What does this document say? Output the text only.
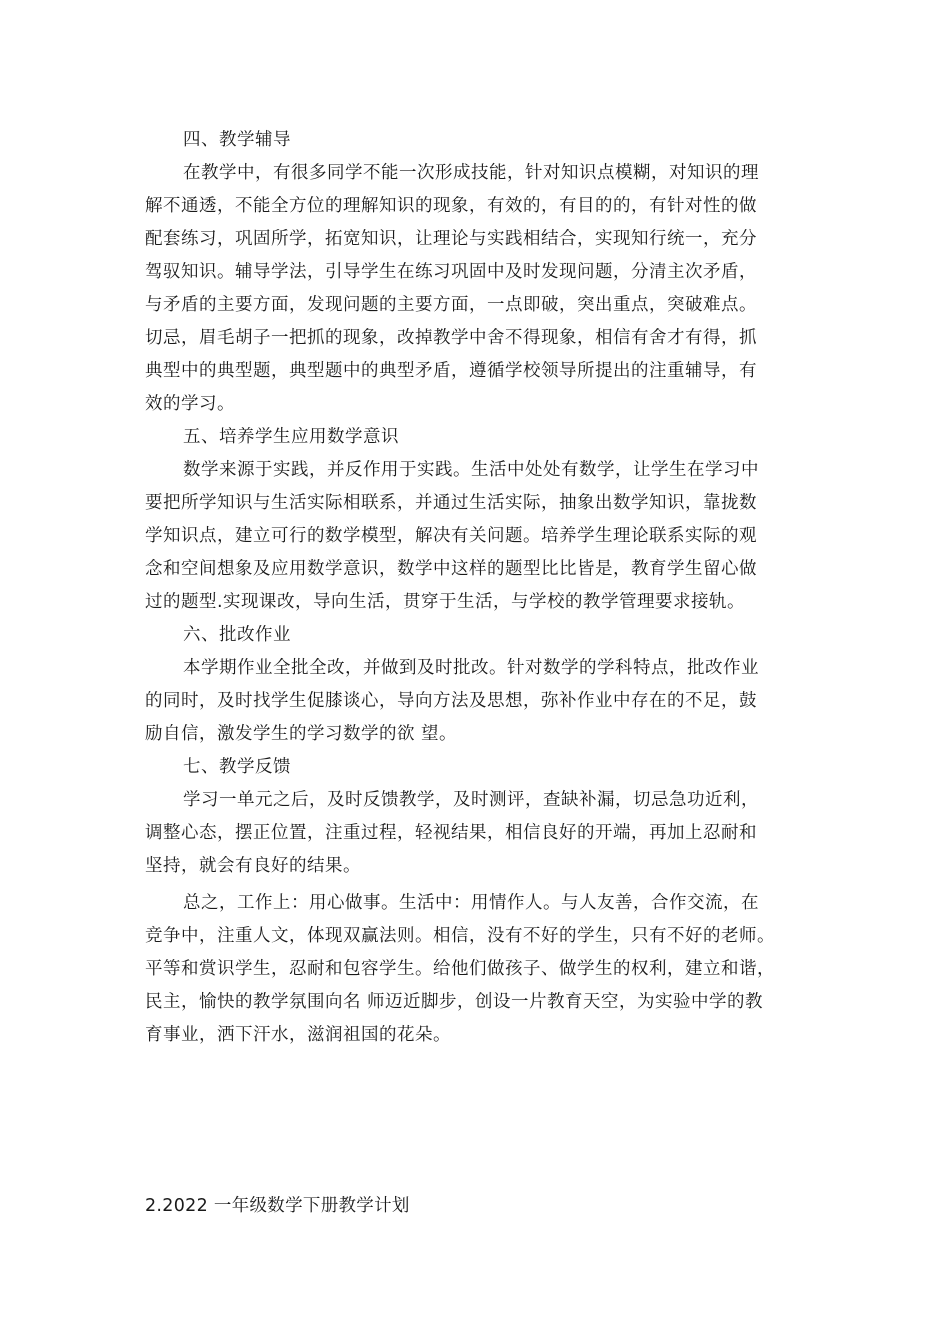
四、教学辅导

在教学中，有很多同学不能一次形成技能，针对知识点模糊，对知识的理
解不通透，不能全方位的理解知识的现象，有效的，有目的的，有针对性的做
配套练习，巩固所学，拓宽知识，让理论与实践相结合，实现知行统一，充分
驾驭知识。辅导学法，引导学生在练习巩固中及时发现问题，分清主次矛盾，
与矛盾的主要方面，发现问题的主要方面，一点即破，突出重点，突破难点。
切忌，眉毛胡子一把抓的现象，改掉教学中舍不得现象，相信有舍才有得，抓
典型中的典型题，典型题中的典型矛盾，遵循学校领导所提出的注重辅导，有
效的学习。

五、培养学生应用数学意识

数学来源于实践，并反作用于实践。生活中处处有数学，让学生在学习中
要把所学知识与生活实际相联系，并通过生活实际，抽象出数学知识，靠拢数
学知识点，建立可行的数学模型，解决有关问题。培养学生理论联系实际的观
念和空间想象及应用数学意识，数学中这样的题型比比皆是，教育学生留心做
过的题型.实现课改，导向生活，贯穿于生活，与学校的教学管理要求接轨。

六、批改作业

本学期作业全批全改，并做到及时批改。针对数学的学科特点，批改作业
的同时，及时找学生促膝谈心，导向方法及思想，弥补作业中存在的不足，鼓
励自信，激发学生的学习数学的欲 望。

七、教学反馈

学习一单元之后，及时反馈教学，及时测评，查缺补漏，切忌急功近利，
调整心态，摆正位置，注重过程，轻视结果，相信良好的开端，再加上忍耐和
坚持，就会有良好的结果。

总之，工作上：用心做事。生活中：用情作人。与人友善，合作交流，在
竞争中，注重人文，体现双赢法则。相信，没有不好的学生，只有不好的老师。
平等和赏识学生，忍耐和包容学生。给他们做孩子、做学生的权利，建立和谐，
民主，愉快的教学氛围向名 师迈近脚步，创设一片教育天空，为实验中学的教
育事业，洒下汗水，滋润祖国的花朵。

2.2022 一年级数学下册教学计划
